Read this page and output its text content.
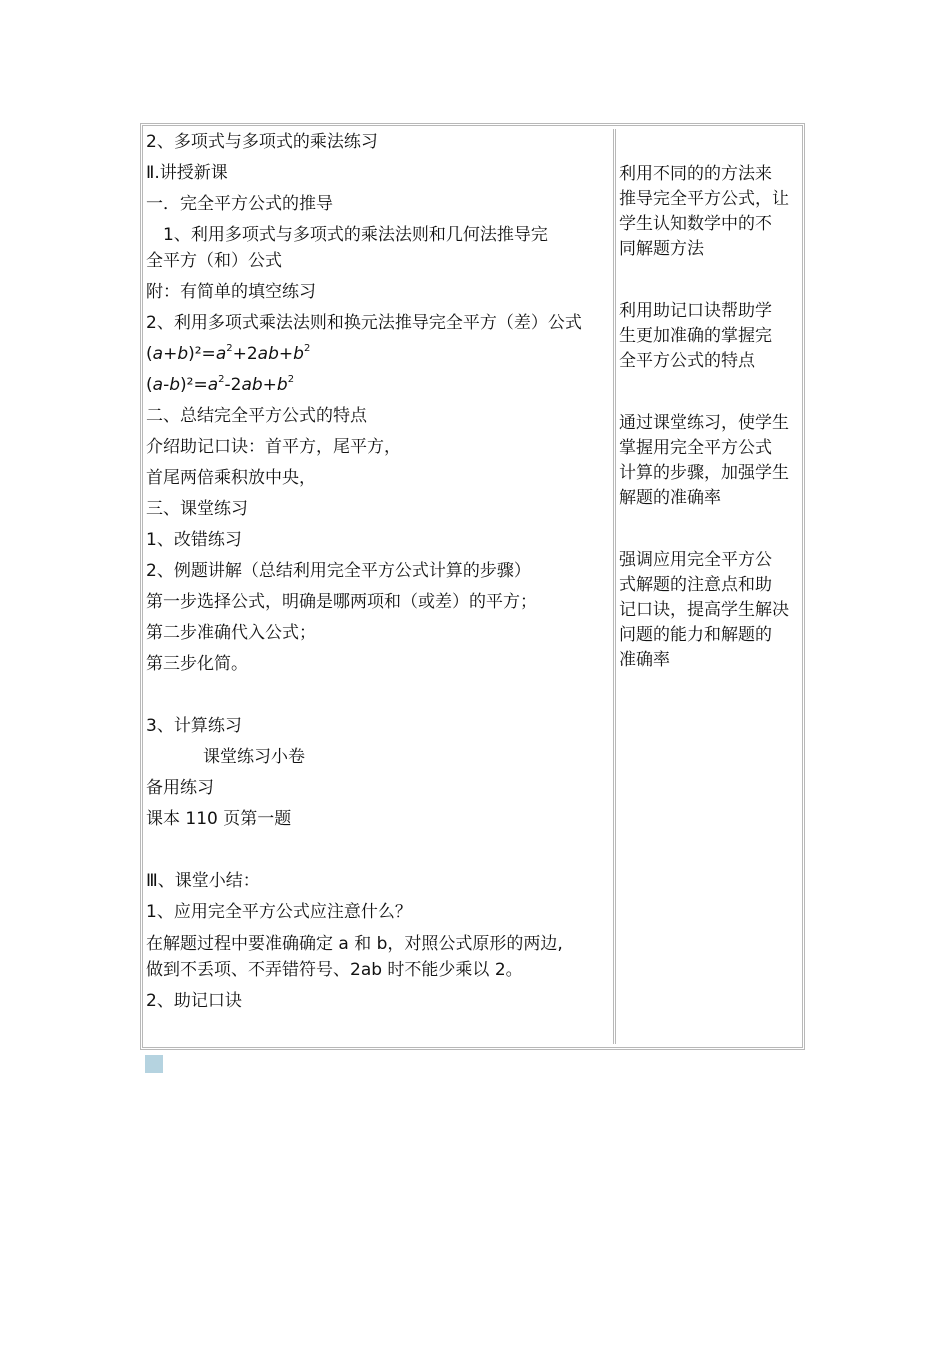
2、多项式与多项式的乘法练习
Ⅱ.讲授新课
一．完全平方公式的推导
　1、利用多项式与多项式的乘法法则和几何法推导完
全平方（和）公式
附：有简单的填空练习
2、利用多项式乘法法则和换元法推导完全平方（差）公式
$(a+b)^2=a^2+2ab+b^2$
$(a-b)^2=a^2-2ab+b^2$
二、总结完全平方公式的特点
介绍助记口诀：首平方，尾平方，
首尾两倍乘积放中央，
三、课堂练习
1、改错练习
2、例题讲解（总结利用完全平方公式计算的步骤）
第一步选择公式，明确是哪两项和（或差）的平方；
第二步准确代入公式；
第三步化简。
3、计算练习
课堂练习小卷
备用练习
课本 110 页第一题
Ⅲ、课堂小结：
1、应用完全平方公式应注意什么？
在解题过程中要准确确定 a 和 b，对照公式原形的两边,
做到不丢项、不弄错符号、2ab 时不能少乘以 2。
2、助记口诀
利用不同的的方法来
推导完全平方公式，让
学生认知数学中的不
同解题方法
利用助记口诀帮助学
生更加准确的掌握完
全平方公式的特点
通过课堂练习，使学生
掌握用完全平方公式
计算的步骤，加强学生
解题的准确率
强调应用完全平方公
式解题的注意点和助
记口诀，提高学生解决
问题的能力和解题的
准确率
